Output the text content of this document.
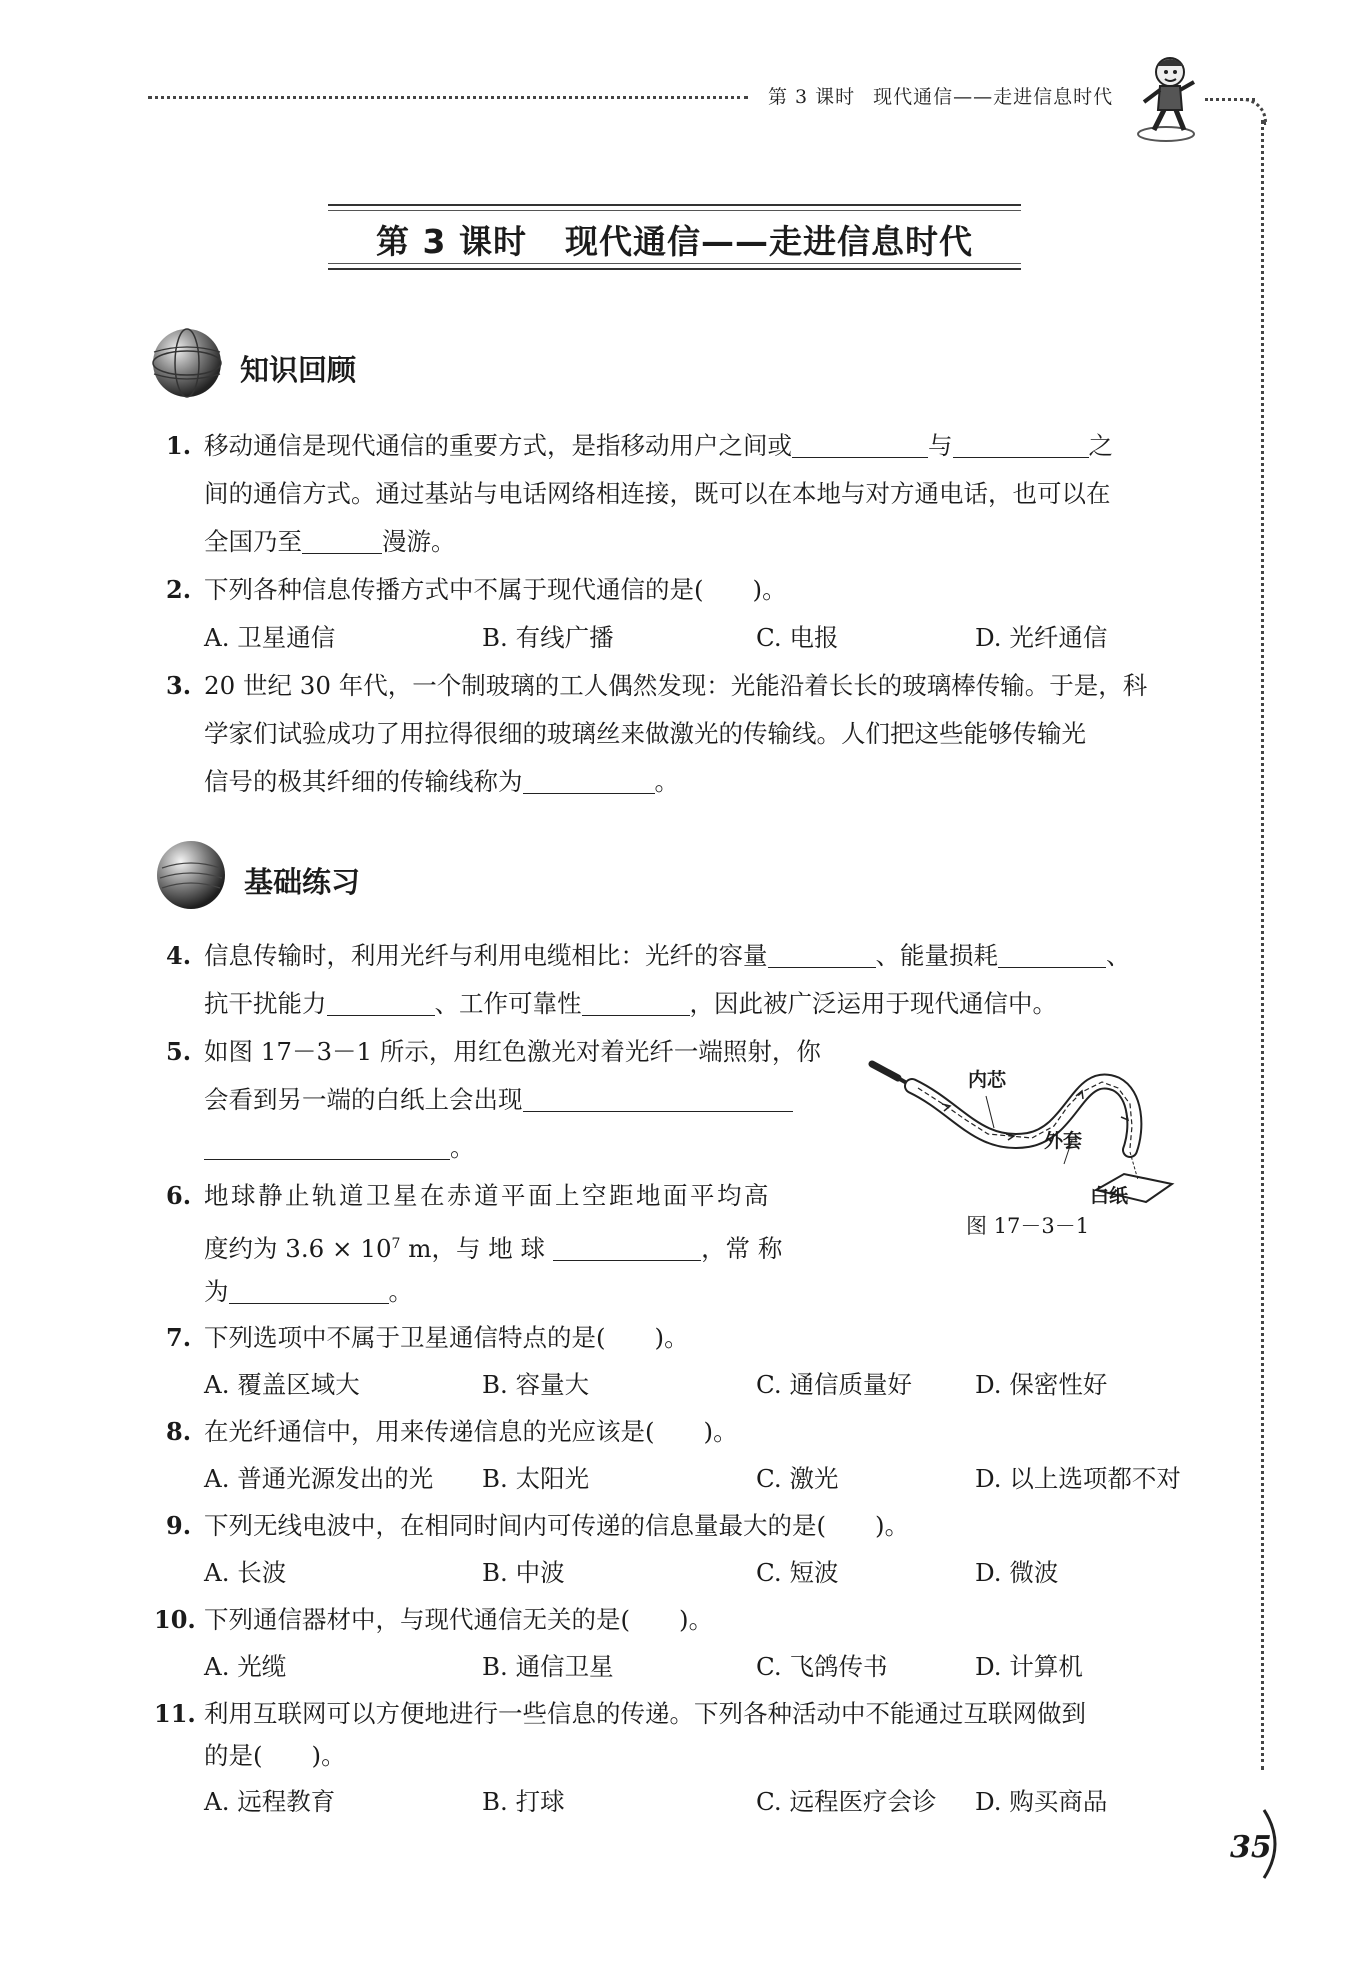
第 3 课时 现代通信——走进信息时代
第 3 课时 现代通信——走进信息时代
知识回顾
1. 移动通信是现代通信的重要方式，是指移动用户之间或	与	之
间的通信方式。通过基站与电话网络相连接，既可以在本地与对方通电话，也可以在
全国乃至	漫游。
2. 下列各种信息传播方式中不属于现代通信的是(　　)。
A. 卫星通信	B. 有线广播	C. 电报	D. 光纤通信
3. 20 世纪 30 年代，一个制玻璃的工人偶然发现：光能沿着长长的玻璃棒传输。于是，科
学家们试验成功了用拉得很细的玻璃丝来做激光的传输线。人们把这些能够传输光
信号的极其纤细的传输线称为	。
基础练习
4. 信息传输时，利用光纤与利用电缆相比：光纤的容量	、能量损耗	、
抗干扰能力	、工作可靠性	，因此被广泛运用于现代通信中。
5. 如图 17－3－1 所示，用红色激光对着光纤一端照射，你
会看到另一端的白纸上会出现
。
内芯
外套
白纸
图 17－3－1
6. 地球静止轨道卫星在赤道平面上空距地面平均高
度约为 $3.6 \times 10^7$ m，与 地 球	，常 称
为	。
7. 下列选项中不属于卫星通信特点的是(　　)。
A. 覆盖区域大	B. 容量大	C. 通信质量好	D. 保密性好
8. 在光纤通信中，用来传递信息的光应该是(　　)。
A. 普通光源发出的光 B. 太阳光	C. 激光	D. 以上选项都不对
9. 下列无线电波中，在相同时间内可传递的信息量最大的是(　　)。
A. 长波	B. 中波	C. 短波	D. 微波
10. 下列通信器材中，与现代通信无关的是(　　)。
A. 光缆	B. 通信卫星	C. 飞鸽传书	D. 计算机
11. 利用互联网可以方便地进行一些信息的传递。下列各种活动中不能通过互联网做到
的是(　　)。
A. 远程教育	B. 打球	C. 远程医疗会诊 D. 购买商品
35
